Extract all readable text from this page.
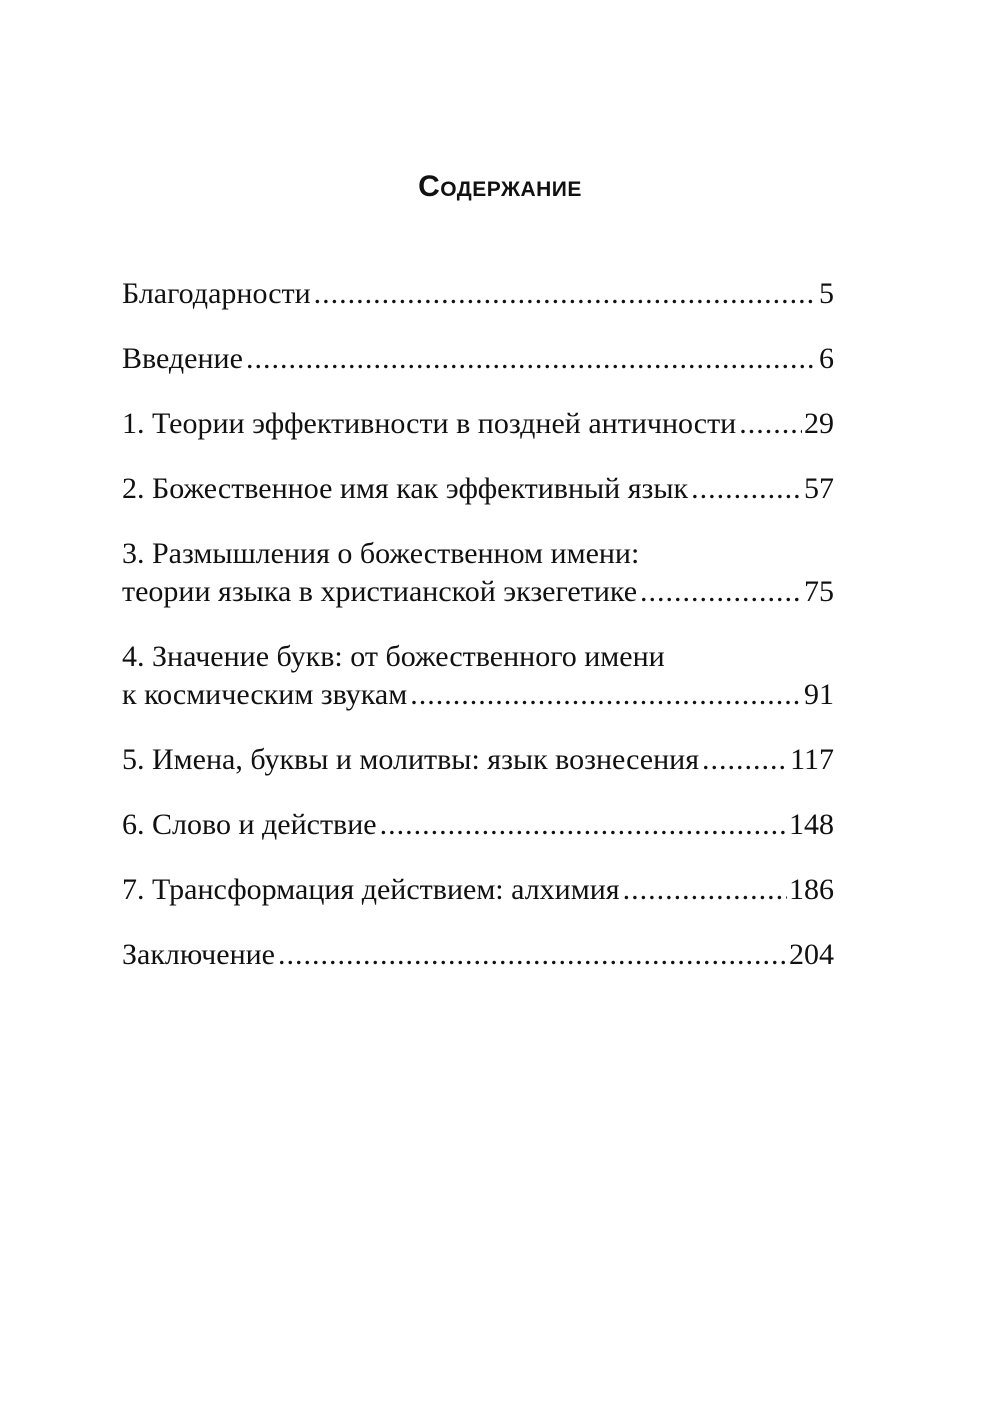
Содержание
Благодарности .....	5
Введение .....	6
1. Теории эффективности в поздней античности ..... 29
2. Божественное имя как эффективный язык .....	57
3. Размышления о божественном имени:
теории языка в христианской экзегетике .....	75
4. Значение букв: от божественного имени
к космическим звукам .....	91
5. Имена, буквы и молитвы: язык вознесения .....	117
6. Слово и действие .....	148
7. Трансформация действием: алхимия .....	186
Заключение .....	204
